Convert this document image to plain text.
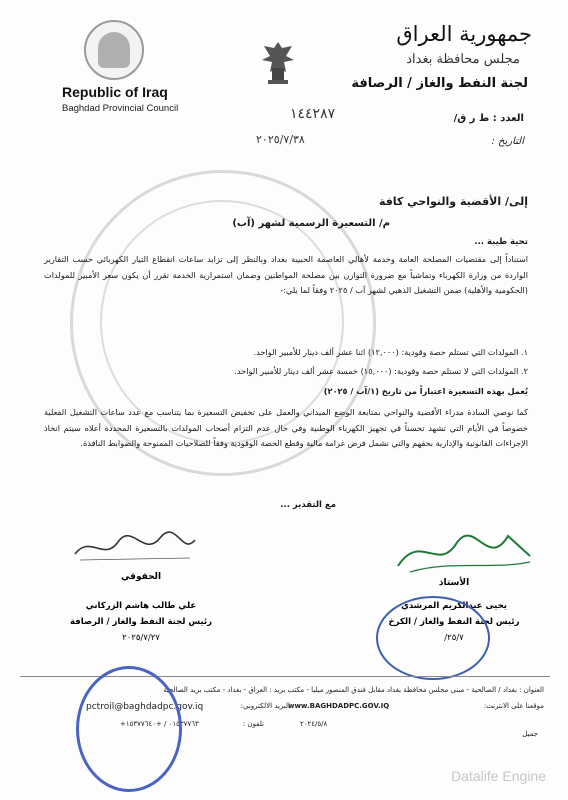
Republic of Iraq
Baghdad Provincial Council
جمهورية العراق
مجلس محافظة بغداد
لجنة النفط والغاز / الرصافة
العدد : ط ر ق/
١٤٤٢٨٧
التاريخ :
٢٠٢٥/٧/٣٨
إلى/ الأقضية والنواحي كافة
م/ التسعيرة الرسمية لشهر (آب)
تحية طيبة ...
استناداً إلى مقتضيات المصلحة العامة وخدمة لأهالي العاصمة الحبيبة بغداد وبالنظر إلى تزايد ساعات انقطاع التيار الكهربائي حسب التقارير الواردة من وزارة الكهرباء وتماشياً مع ضرورة التوازن بين مصلحة المواطنين وضمان استمرارية الخدمة تقرر أن يكون سعر الأمبير للمولدات (الحكومية والأهلية) ضمن التشغيل الذهبي لشهر آب / ٢٠٢٥ وفقاً لما يلي:-
١. المولدات التي تستلم حصة وقودية: (١٢,٠٠٠) اثنا عشر ألف دينار للأمبير الواحد.
٢. المولدات التي لا تستلم حصة وقودية: (١٥,٠٠٠) خمسة عشر ألف دينار للأمبير الواحد.
يُعمل بهذه التسعيرة اعتباراً من تاريخ (١/آب / ٢٠٢٥)
كما نوصي السادة مدراء الأقضية والنواحي بمتابعة الوضع الميداني والعمل على تخفيض التسعيرة بما يتناسب مع عدد ساعات التشغيل الفعلية خصوصاً في الأيام التي تشهد تحسناً في تجهيز الكهرباء الوطنية وفي حال عدم التزام أصحاب المولدات بالتسعيرة المحددة أعلاه سيتم اتخاذ الإجراءات القانونية والإدارية بحقهم والتي تشمل فرض غرامة مالية وقطع الحصة الوقودية وفقاً للصلاحيات الممنوحة والضوابط النافذة.
مع التقدير ...
الحقوقي
علي طالب هاشم الزركاني
رئيس لجنة النفط والغاز / الرصافة
٢٠٢٥/٧/٢٧
الأستاذ
يحيى عبدالكريم المرشدي
رئيس لجنة النفط والغاز / الكرخ
٢٥/٧/
العنوان : بغداد / الصالحية - مبنى مجلس محافظة بغداد مقابل فندق المنصور ميليا - مكتب بريد : العراق - بغداد - مكتب بريد الصالحية
موقعنا على الانترنت:
www.BAGHDADPC.GOV.IQ
البريد الالكتروني:
pctroil@baghdadpc.gov.iq
تلفون :
+٠١٥٣٧٧٦٣ / +١٥٣٧٧٦٤٠	٢٠٢٤/٥/٨
جميل
Datalife Engine
